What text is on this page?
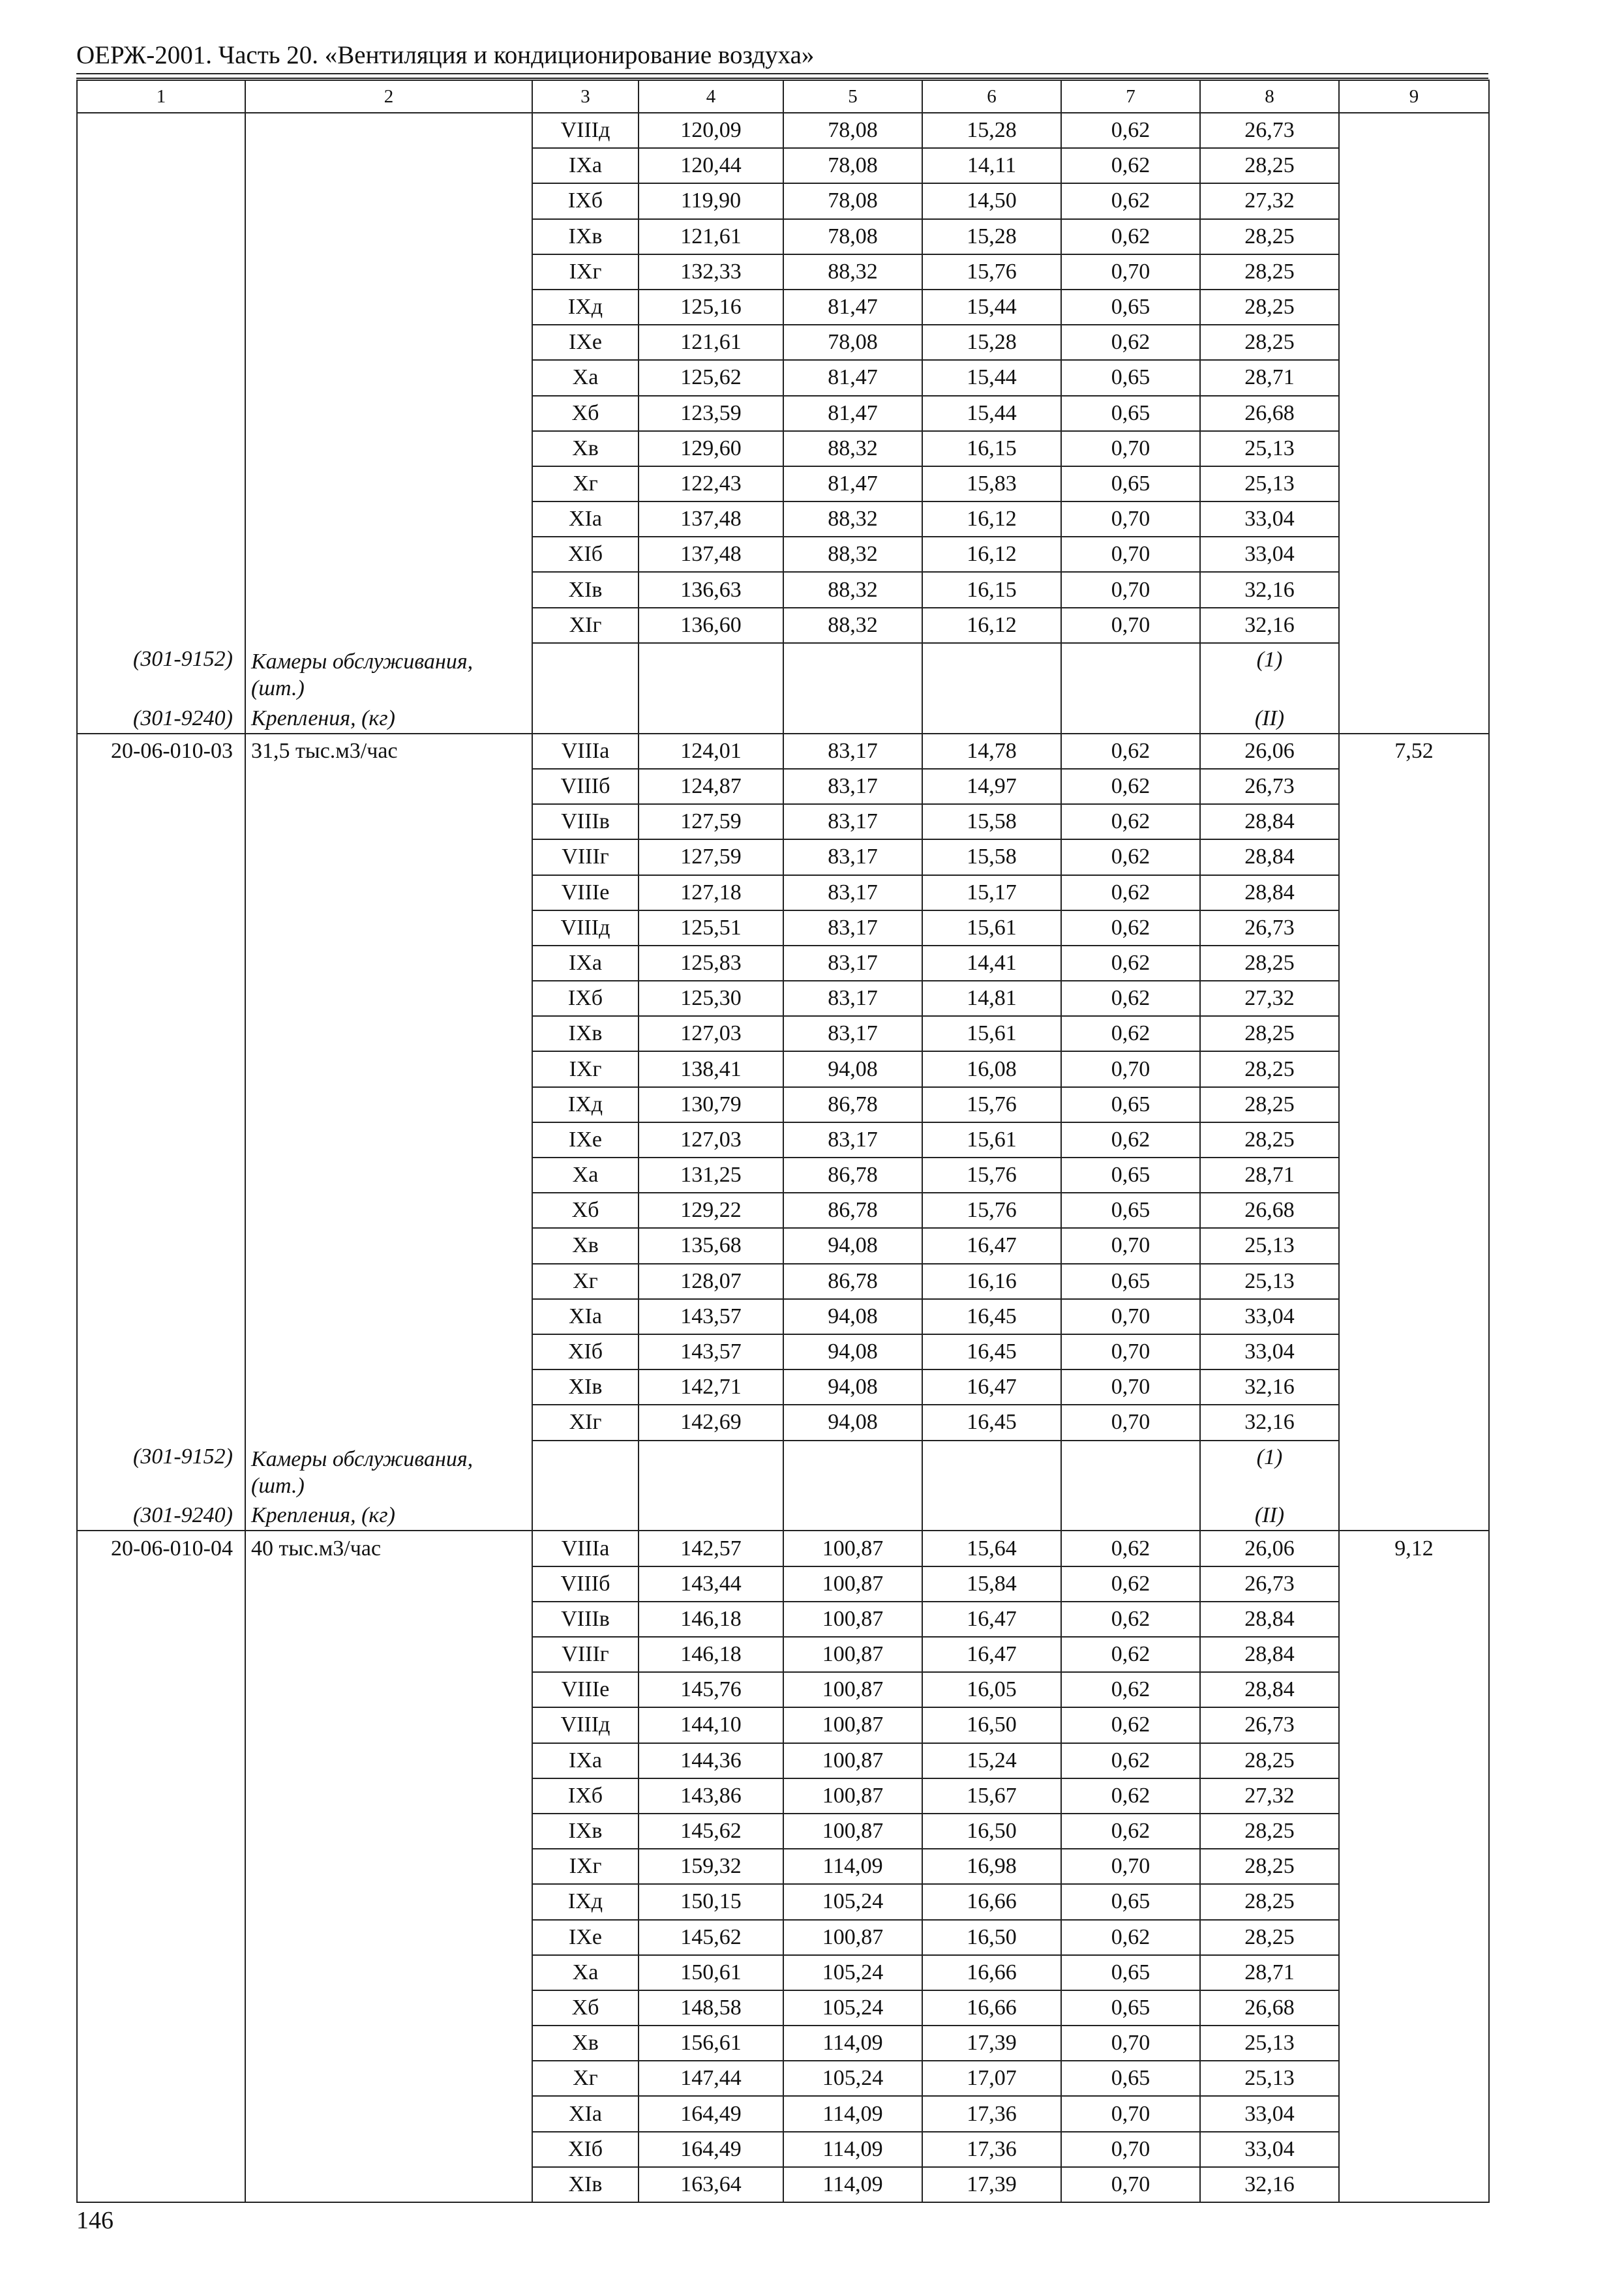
ОЕРЖ-2001. Часть 20. «Вентиляция и кондиционирование воздуха»
1	2	3	4	5	6	7	8	9
		VIIIд	120,09	78,08	15,28	0,62	26,73	
		IXa	120,44	78,08	14,11	0,62	28,25	
		IXб	119,90	78,08	14,50	0,62	27,32	
		IXв	121,61	78,08	15,28	0,62	28,25	
		IXг	132,33	88,32	15,76	0,70	28,25	
		IXд	125,16	81,47	15,44	0,65	28,25	
		IXе	121,61	78,08	15,28	0,62	28,25	
		Xa	125,62	81,47	15,44	0,65	28,71	
		Xб	123,59	81,47	15,44	0,65	26,68	
		Xв	129,60	88,32	16,15	0,70	25,13	
		Xг	122,43	81,47	15,83	0,65	25,13	
		XIa	137,48	88,32	16,12	0,70	33,04	
		XIб	137,48	88,32	16,12	0,70	33,04	
		XIв	136,63	88,32	16,15	0,70	32,16	
		XIг	136,60	88,32	16,12	0,70	32,16	
(301-9152)	Камеры обслуживания, (шт.)						(1)	
(301-9240)	Крепления, (кг)						(II)	
20-06-010-03	31,5 тыс.м3/час	VIIIa	124,01	83,17	14,78	0,62	26,06	7,52
		VIIIб	124,87	83,17	14,97	0,62	26,73	
		VIIIв	127,59	83,17	15,58	0,62	28,84	
		VIIIг	127,59	83,17	15,58	0,62	28,84	
		VIIIе	127,18	83,17	15,17	0,62	28,84	
		VIIIд	125,51	83,17	15,61	0,62	26,73	
		IXa	125,83	83,17	14,41	0,62	28,25	
		IXб	125,30	83,17	14,81	0,62	27,32	
		IXв	127,03	83,17	15,61	0,62	28,25	
		IXг	138,41	94,08	16,08	0,70	28,25	
		IXд	130,79	86,78	15,76	0,65	28,25	
		IXе	127,03	83,17	15,61	0,62	28,25	
		Xa	131,25	86,78	15,76	0,65	28,71	
		Xб	129,22	86,78	15,76	0,65	26,68	
		Xв	135,68	94,08	16,47	0,70	25,13	
		Xг	128,07	86,78	16,16	0,65	25,13	
		XIa	143,57	94,08	16,45	0,70	33,04	
		XIб	143,57	94,08	16,45	0,70	33,04	
		XIв	142,71	94,08	16,47	0,70	32,16	
		XIг	142,69	94,08	16,45	0,70	32,16	
(301-9152)	Камеры обслуживания, (шт.)						(1)	
(301-9240)	Крепления, (кг)						(II)	
20-06-010-04	40 тыс.м3/час	VIIIa	142,57	100,87	15,64	0,62	26,06	9,12
		VIIIб	143,44	100,87	15,84	0,62	26,73	
		VIIIв	146,18	100,87	16,47	0,62	28,84	
		VIIIг	146,18	100,87	16,47	0,62	28,84	
		VIIIе	145,76	100,87	16,05	0,62	28,84	
		VIIIд	144,10	100,87	16,50	0,62	26,73	
		IXa	144,36	100,87	15,24	0,62	28,25	
		IXб	143,86	100,87	15,67	0,62	27,32	
		IXв	145,62	100,87	16,50	0,62	28,25	
		IXг	159,32	114,09	16,98	0,70	28,25	
		IXд	150,15	105,24	16,66	0,65	28,25	
		IXе	145,62	100,87	16,50	0,62	28,25	
		Xa	150,61	105,24	16,66	0,65	28,71	
		Xб	148,58	105,24	16,66	0,65	26,68	
		Xв	156,61	114,09	17,39	0,70	25,13	
		Xг	147,44	105,24	17,07	0,65	25,13	
		XIa	164,49	114,09	17,36	0,70	33,04	
		XIб	164,49	114,09	17,36	0,70	33,04	
		XIв	163,64	114,09	17,39	0,70	32,16	
146
